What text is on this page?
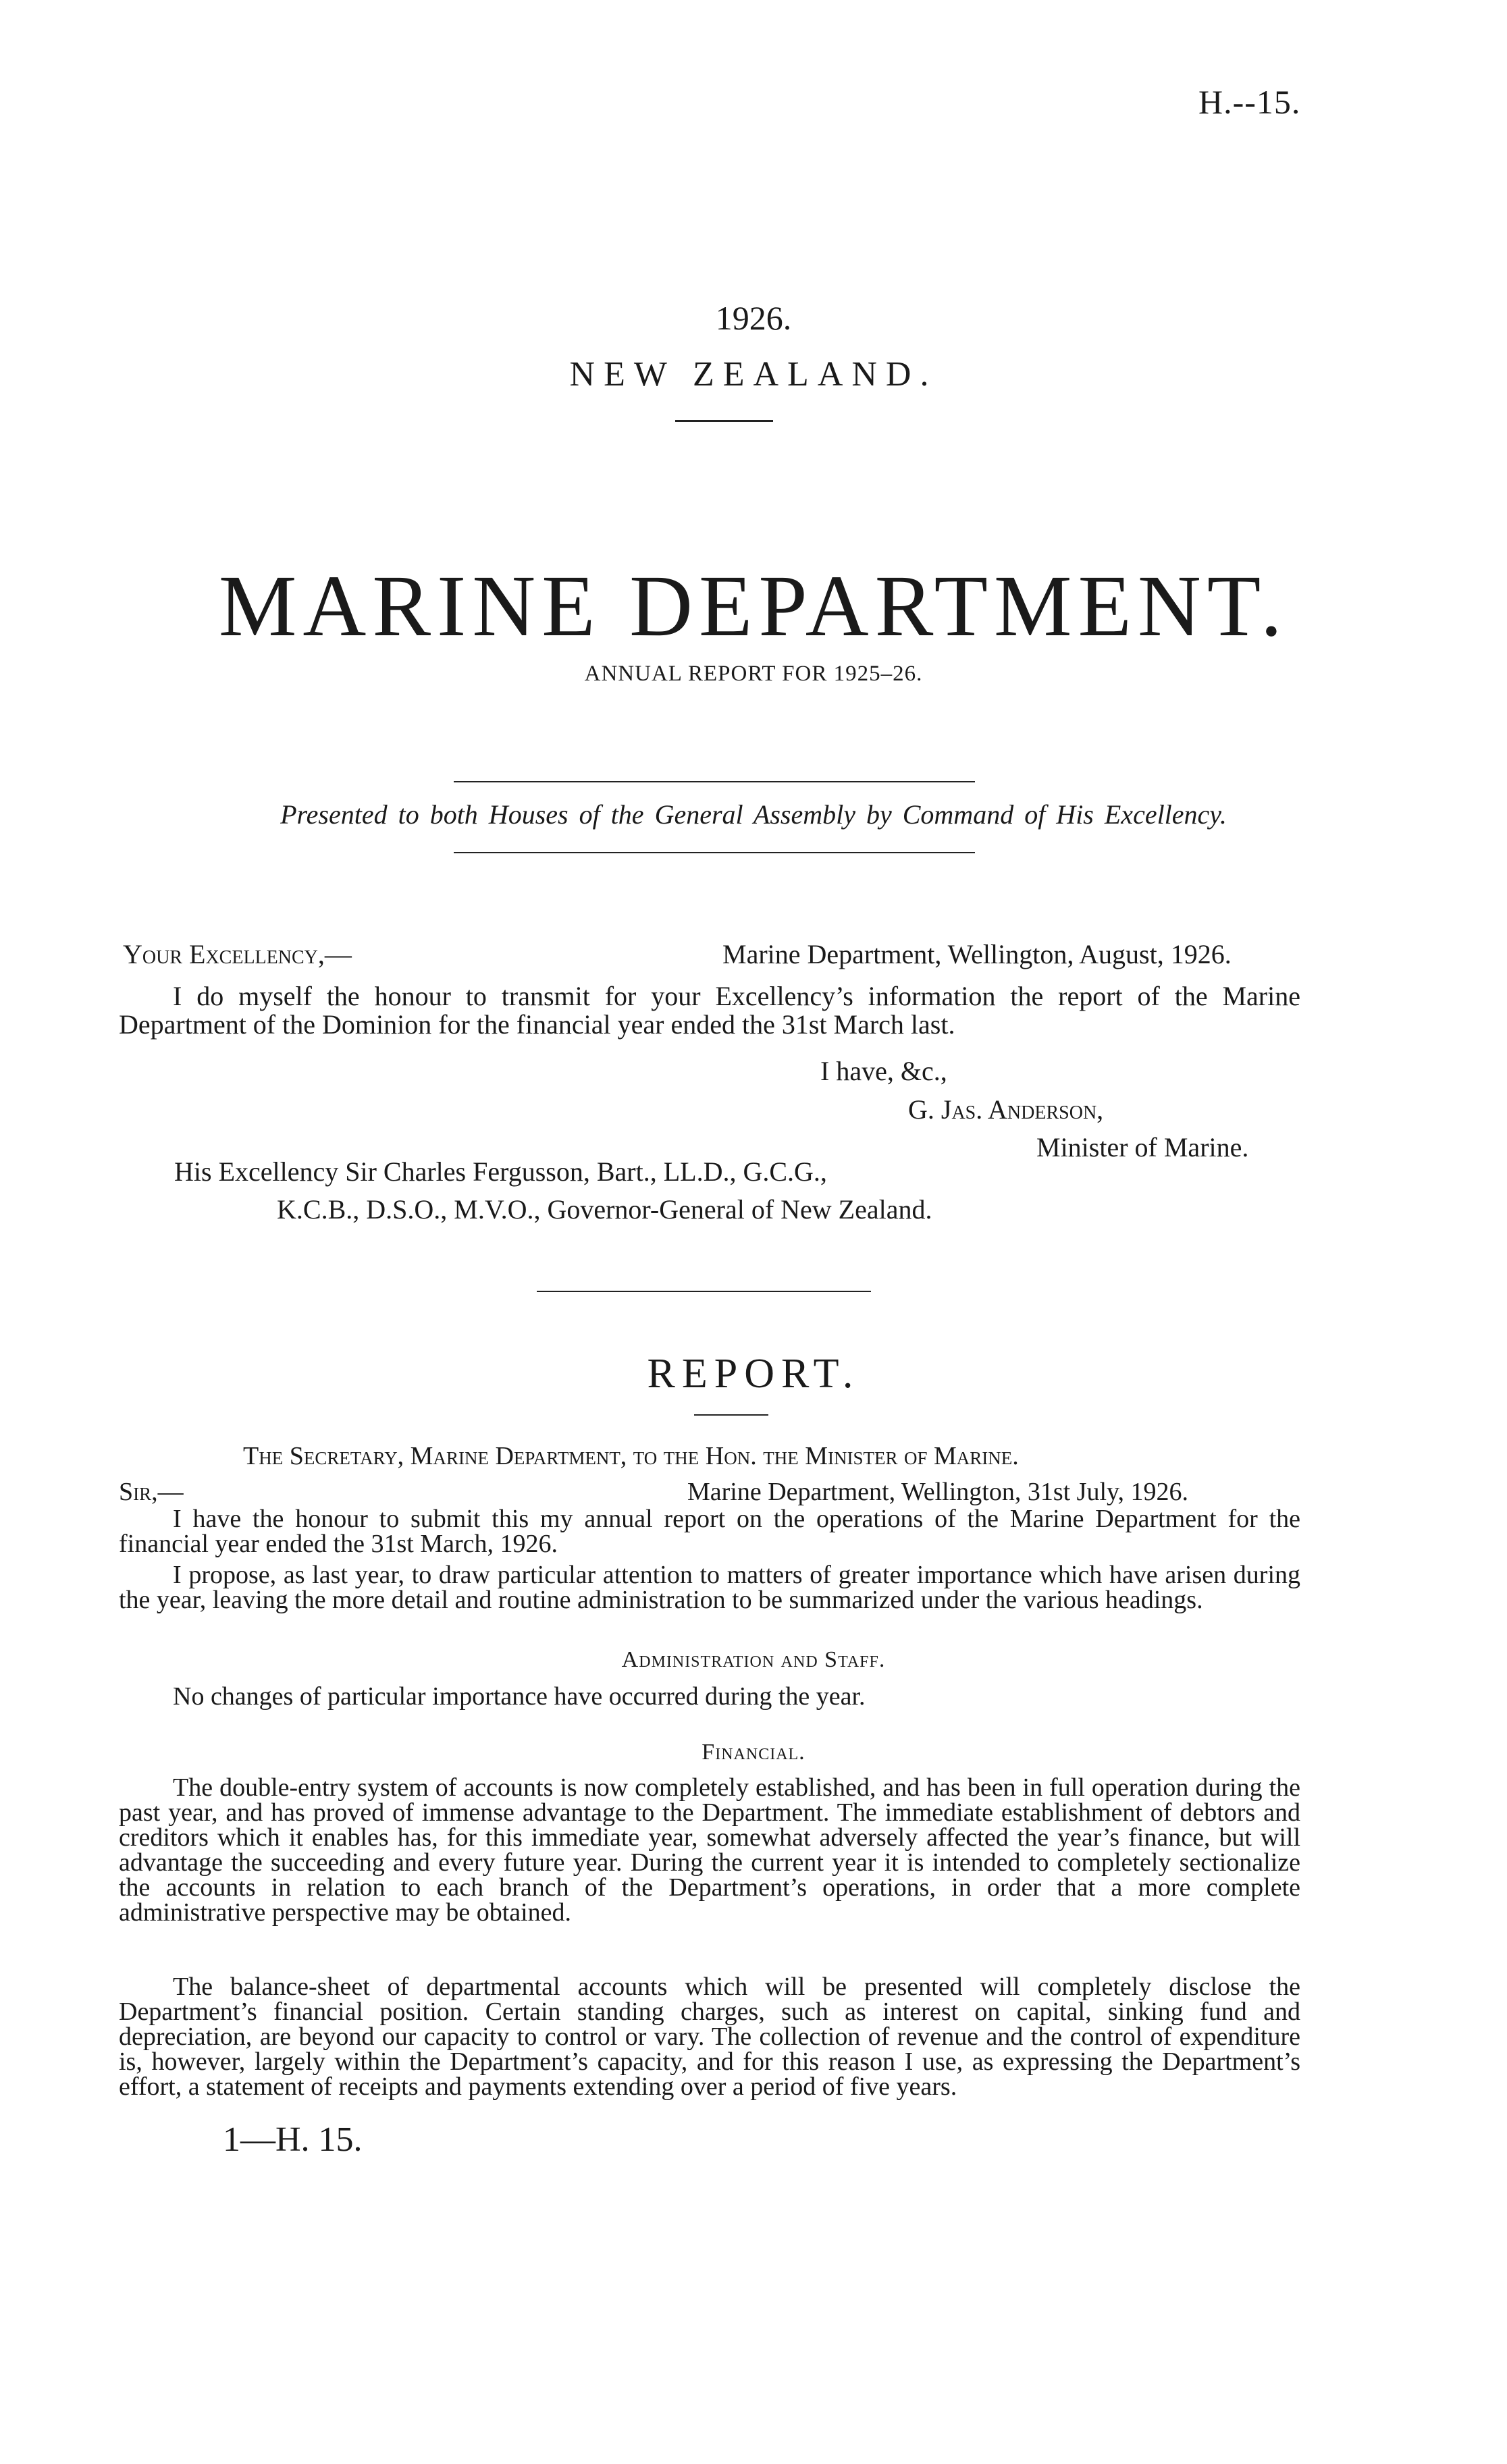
H.--15.
1926.
NEW ZEALAND.
MARINE DEPARTMENT.
ANNUAL REPORT FOR 1925–26.
Presented to both Houses of the General Assembly by Command of His Excellency.
Your Excellency,—	Marine Department, Wellington, August, 1926.
I do myself the honour to transmit for your Excellency’s information the report of the Marine Department of the Dominion for the financial year ended the 31st March last.
I have, &c.,
G. Jas. Anderson,
Minister of Marine.
His Excellency Sir Charles Fergusson, Bart., LL.D., G.C.G.,
K.C.B., D.S.O., M.V.O., Governor-General of New Zealand.
REPORT.
The Secretary, Marine Department, to the Hon. the Minister of Marine.
Sir,—	Marine Department, Wellington, 31st July, 1926.
I have the honour to submit this my annual report on the operations of the Marine Department for the financial year ended the 31st March, 1926.
I propose, as last year, to draw particular attention to matters of greater importance which have arisen during the year, leaving the more detail and routine administration to be summarized under the various headings.
Administration and Staff.
No changes of particular importance have occurred during the year.
Financial.
The double-entry system of accounts is now completely established, and has been in full operation during the past year, and has proved of immense advantage to the Department. The immediate establishment of debtors and creditors which it enables has, for this immediate year, somewhat adversely affected the year’s finance, but will advantage the succeeding and every future year. During the current year it is intended to completely sectionalize the accounts in relation to each branch of the Department’s operations, in order that a more complete administrative perspective may be obtained.
The balance-sheet of departmental accounts which will be presented will completely disclose the Department’s financial position. Certain standing charges, such as interest on capital, sinking fund and depreciation, are beyond our capacity to control or vary. The collection of revenue and the control of expenditure is, however, largely within the Department’s capacity, and for this reason I use, as expressing the Department’s effort, a statement of receipts and payments extending over a period of five years.
1—H. 15.
